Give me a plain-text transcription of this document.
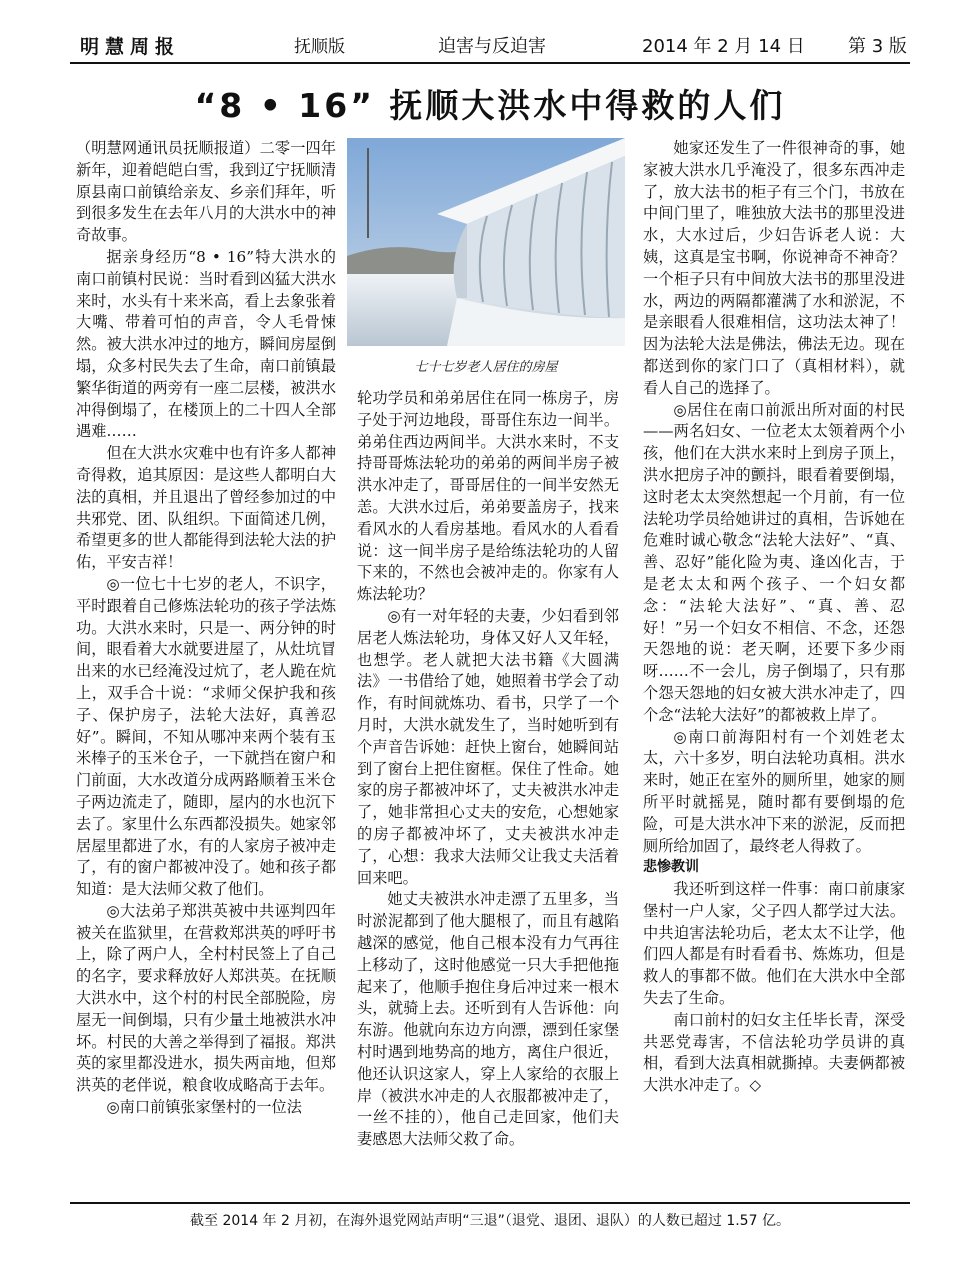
明慧周报	抚顺版	迫害与反迫害	2014 年 2 月 14 日 第 3 版
“8 • 16” 抚顺大洪水中得救的人们

（明慧网通讯员抚顺报道）二零一四年新年，迎着皑皑白雪，我到辽宁抚顺清原县南口前镇给亲友、乡亲们拜年，听到很多发生在去年八月的大洪水中的神奇故事。

据亲身经历“8 • 16”特大洪水的南口前镇村民说：当时看到凶猛大洪水来时，水头有十来米高，看上去象张着大嘴、带着可怕的声音，令人毛骨悚然。被大洪水冲过的地方，瞬间房屋倒塌，众多村民失去了生命，南口前镇最繁华街道的两旁有一座二层楼，被洪水冲得倒塌了，在楼顶上的二十四人全部遇难……

但在大洪水灾难中也有许多人都神奇得救，追其原因：是这些人都明白大法的真相，并且退出了曾经参加过的中共邪党、团、队组织。下面简述几例，希望更多的世人都能得到法轮大法的护佑，平安吉祥！

◎一位七十七岁的老人，不识字，平时跟着自己修炼法轮功的孩子学法炼功。大洪水来时，只是一、两分钟的时间，眼看着大水就要进屋了，从灶坑冒出来的水已经淹没过炕了，老人跪在炕上，双手合十说：“求师父保护我和孩子、保护房子，法轮大法好，真善忍好”。瞬间，不知从哪冲来两个装有玉米棒子的玉米仓子，一下就挡在窗户和门前面，大水改道分成两路顺着玉米仓子两边流走了，随即，屋内的水也沉下去了。家里什么东西都没损失。她家邻居屋里都进了水，有的人家房子被冲走了，有的窗户都被冲没了。她和孩子都知道：是大法师父救了他们。

◎大法弟子郑洪英被中共诬判四年被关在监狱里，在营救郑洪英的呼吁书上，除了两户人，全村村民签上了自己的名字，要求释放好人郑洪英。在抚顺大洪水中，这个村的村民全部脱险，房屋无一间倒塌，只有少量土地被洪水冲坏。村民的大善之举得到了福报。郑洪英的家里都没进水，损失两亩地，但郑洪英的老伴说，粮食收成略高于去年。

◎南口前镇张家堡村的一位法

七十七岁老人居住的房屋

轮功学员和弟弟居住在同一栋房子，房子处于河边地段，哥哥住东边一间半。弟弟住西边两间半。大洪水来时，不支持哥哥炼法轮功的弟弟的两间半房子被洪水冲走了，哥哥居住的一间半安然无恙。大洪水过后，弟弟要盖房子，找来看风水的人看房基地。看风水的人看看说：这一间半房子是给练法轮功的人留下来的，不然也会被冲走的。你家有人炼法轮功？

◎有一对年轻的夫妻，少妇看到邻居老人炼法轮功，身体又好人又年轻，也想学。老人就把大法书籍《大圆满法》一书借给了她，她照着书学会了动作，有时间就炼功、看书，只学了一个月时，大洪水就发生了，当时她听到有个声音告诉她：赶快上窗台，她瞬间站到了窗台上把住窗框。保住了性命。她家的房子都被冲坏了，丈夫被洪水冲走了，她非常担心丈夫的安危，心想她家的房子都被冲坏了，丈夫被洪水冲走了，心想：我求大法师父让我丈夫活着回来吧。

她丈夫被洪水冲走漂了五里多，当时淤泥都到了他大腿根了，而且有越陷越深的感觉，他自己根本没有力气再往上移动了，这时他感觉一只大手把他拖起来了，他顺手抱住身后冲过来一根木头，就骑上去。还听到有人告诉他：向东游。他就向东边方向漂，漂到任家堡村时遇到地势高的地方，离住户很近，他还认识这家人，穿上人家给的衣服上岸（被洪水冲走的人衣服都被冲走了，一丝不挂的），他自己走回家，他们夫妻感恩大法师父救了命。

她家还发生了一件很神奇的事，她家被大洪水几乎淹没了，很多东西冲走了，放大法书的柜子有三个门，书放在中间门里了，唯独放大法书的那里没进水，大水过后，少妇告诉老人说：大姨，这真是宝书啊，你说神奇不神奇？一个柜子只有中间放大法书的那里没进水，两边的两隔都灌满了水和淤泥，不是亲眼看人很难相信，这功法太神了！因为法轮大法是佛法，佛法无边。现在都送到你的家门口了（真相材料），就看人自己的选择了。

◎居住在南口前派出所对面的村民——两名妇女、一位老太太领着两个小孩，他们在大洪水来时上到房子顶上，洪水把房子冲的颤抖，眼看着要倒塌，这时老太太突然想起一个月前，有一位法轮功学员给她讲过的真相，告诉她在危难时诚心敬念“法轮大法好”、“真、善、忍好”能化险为夷、逢凶化吉，于是老太太和两个孩子、一个妇女都念：“法轮大法好”、“真、善、忍好！”另一个妇女不相信、不念，还怨天怨地的说：老天啊，还要下多少雨呀……不一会儿，房子倒塌了，只有那个怨天怨地的妇女被大洪水冲走了，四个念“法轮大法好”的都被救上岸了。

◎南口前海阳村有一个刘姓老太太，六十多岁，明白法轮功真相。洪水来时，她正在室外的厕所里，她家的厕所平时就摇晃，随时都有要倒塌的危险，可是大洪水冲下来的淤泥，反而把厕所给加固了，最终老人得救了。

悲惨教训

我还听到这样一件事：南口前康家堡村一户人家，父子四人都学过大法。中共迫害法轮功后，老太太不让学，他们四人都是有时看看书、炼炼功，但是救人的事都不做。他们在大洪水中全部失去了生命。

南口前村的妇女主任毕长青，深受共恶党毒害，不信法轮功学员讲的真相，看到大法真相就撕掉。夫妻俩都被大洪水冲走了。◇

截至 2014 年 2 月初，在海外退党网站声明“三退”（退党、退团、退队）的人数已超过 1.57 亿。
